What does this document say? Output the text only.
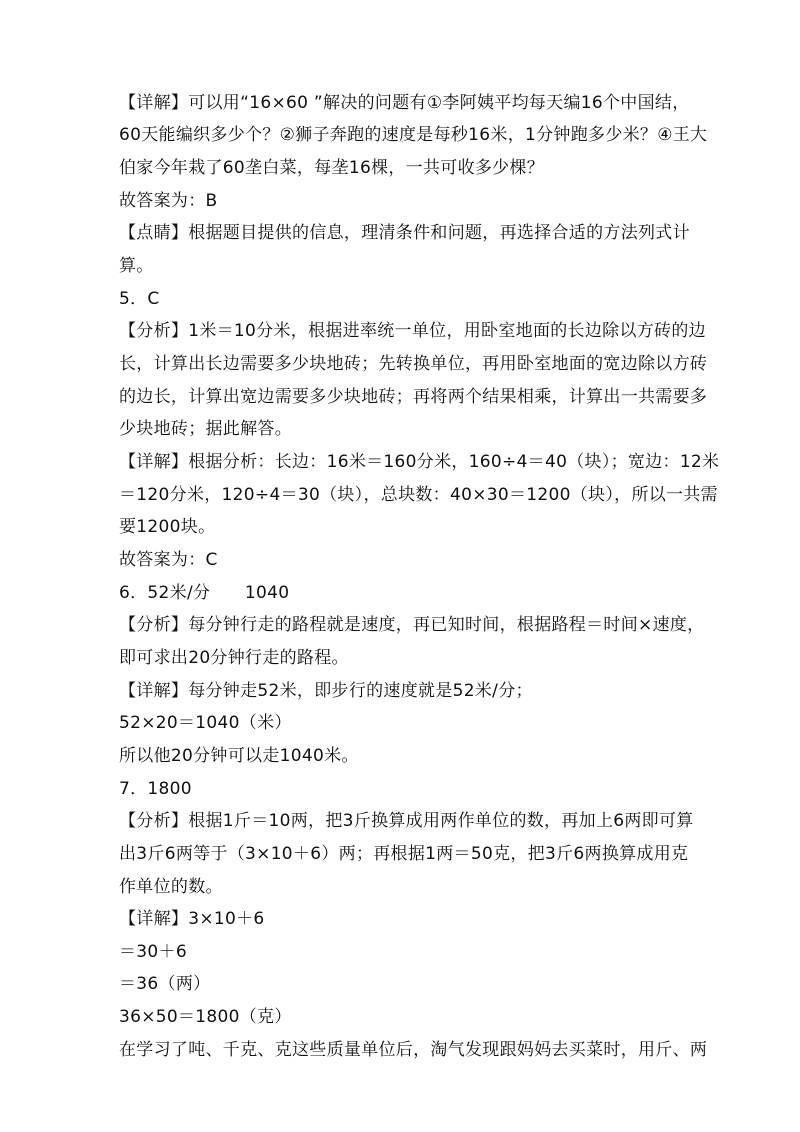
【详解】可以用“16×60 ”解决的问题有①李阿姨平均每天编16个中国结，
60天能编织多少个？②狮子奔跑的速度是每秒16米，1分钟跑多少米？④王大
伯家今年栽了60垄白菜，每垄16棵，一共可收多少棵？
故答案为：B
【点睛】根据题目提供的信息，理清条件和问题，再选择合适的方法列式计
算。
5．C
【分析】1米＝10分米，根据进率统一单位，用卧室地面的长边除以方砖的边
长，计算出长边需要多少块地砖；先转换单位，再用卧室地面的宽边除以方砖
的边长，计算出宽边需要多少块地砖；再将两个结果相乘，计算出一共需要多
少块地砖；据此解答。
【详解】根据分析：长边：16米＝160分米，160÷4＝40（块）；宽边：12米
＝120分米，120÷4＝30（块），总块数：40×30＝1200（块），所以一共需
要1200块。
故答案为：C
6．52米/分　　1040
【分析】每分钟行走的路程就是速度，再已知时间，根据路程＝时间×速度，
即可求出20分钟行走的路程。
【详解】每分钟走52米，即步行的速度就是52米/分；
52×20＝1040（米）
所以他20分钟可以走1040米。
7．1800
【分析】根据1斤＝10两，把3斤换算成用两作单位的数，再加上6两即可算
出3斤6两等于（3×10＋6）两；再根据1两＝50克，把3斤6两换算成用克
作单位的数。
【详解】3×10＋6
＝30＋6
＝36（两）
36×50＝1800（克）
在学习了吨、千克、克这些质量单位后，淘气发现跟妈妈去买菜时，用斤、两
